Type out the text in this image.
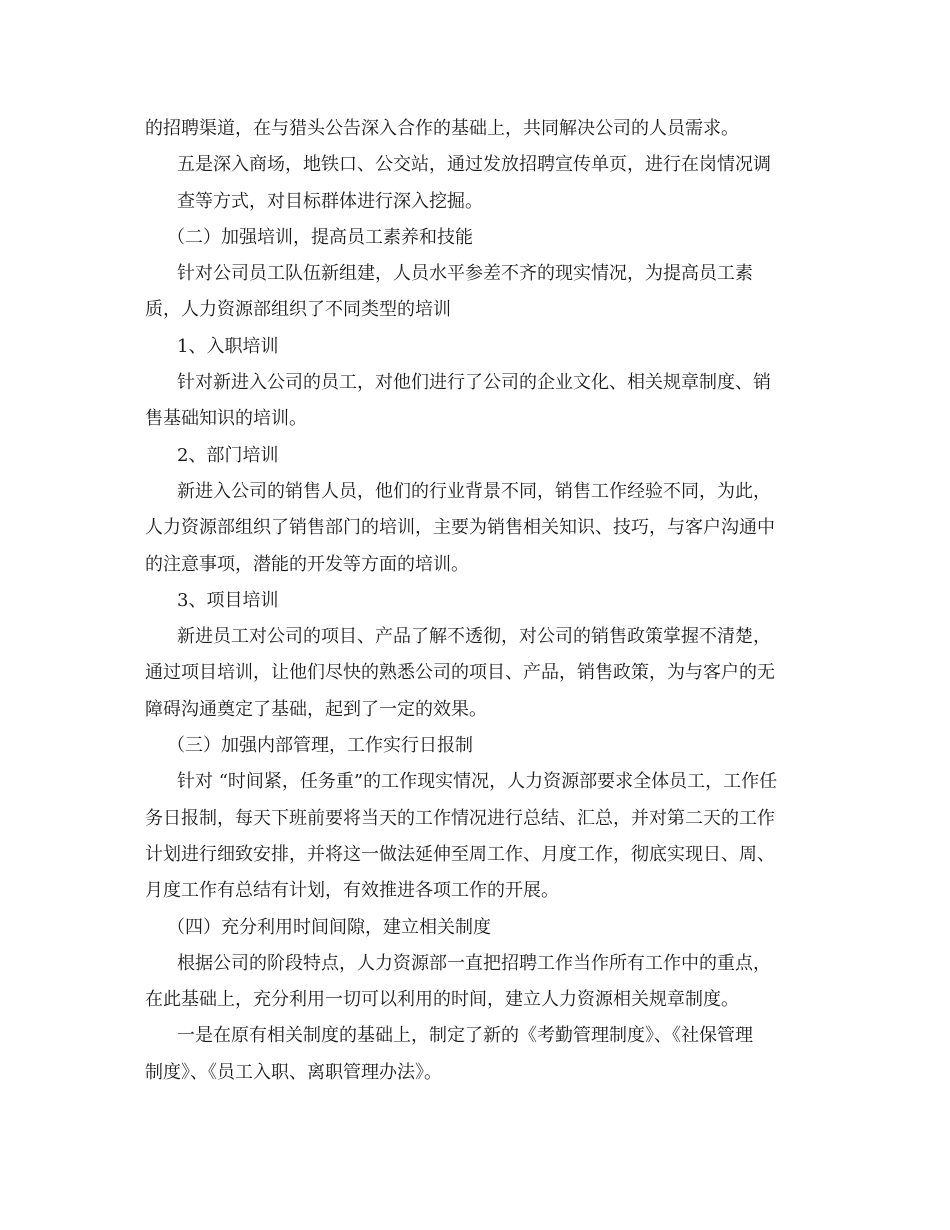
的招聘渠道，在与猎头公告深入合作的基础上，共同解决公司的人员需求。
五是深入商场，地铁口、公交站，通过发放招聘宣传单页，进行在岗情况调
查等方式，对目标群体进行深入挖掘。
（二）加强培训，提高员工素养和技能
针对公司员工队伍新组建，人员水平参差不齐的现实情况，为提高员工素
质，人力资源部组织了不同类型的培训
1、入职培训
针对新进入公司的员工，对他们进行了公司的企业文化、相关规章制度、销
售基础知识的培训。
2、部门培训
新进入公司的销售人员，他们的行业背景不同，销售工作经验不同，为此，
人力资源部组织了销售部门的培训，主要为销售相关知识、技巧，与客户沟通中
的注意事项，潜能的开发等方面的培训。
3、项目培训
新进员工对公司的项目、产品了解不透彻，对公司的销售政策掌握不清楚，
通过项目培训，让他们尽快的熟悉公司的项目、产品，销售政策，为与客户的无
障碍沟通奠定了基础，起到了一定的效果。
（三）加强内部管理，工作实行日报制
针对 “时间紧，任务重”的工作现实情况，人力资源部要求全体员工，工作任
务日报制，每天下班前要将当天的工作情况进行总结、汇总，并对第二天的工作
计划进行细致安排，并将这一做法延伸至周工作、月度工作，彻底实现日、周、
月度工作有总结有计划，有效推进各项工作的开展。
（四）充分利用时间间隙，建立相关制度
根据公司的阶段特点，人力资源部一直把招聘工作当作所有工作中的重点，
在此基础上，充分利用一切可以利用的时间，建立人力资源相关规章制度。
一是在原有相关制度的基础上，制定了新的《考勤管理制度》、《社保管理
制度》、《员工入职、离职管理办法》。
